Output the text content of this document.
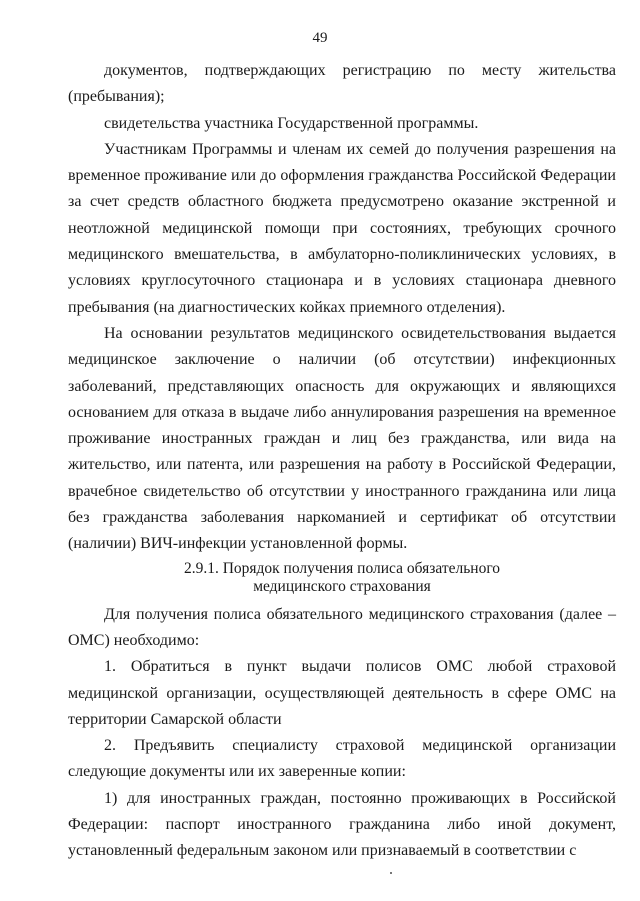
49

документов, подтверждающих регистрацию по месту жительства (пребывания);

свидетельства участника Государственной программы.

Участникам Программы и членам их семей до получения разрешения на временное проживание или до оформления гражданства Российской Федерации за счет средств областного бюджета предусмотрено оказание экстренной и неотложной медицинской помощи при состояниях, требующих срочного медицинского вмешательства, в амбулаторно-поликлинических условиях, в условиях круглосуточного стационара и в условиях стационара дневного пребывания (на диагностических койках приемного отделения).

На основании результатов медицинского освидетельствования выдается медицинское заключение о наличии (об отсутствии) инфекционных заболеваний, представляющих опасность для окружающих и являющихся основанием для отказа в выдаче либо аннулирования разрешения на временное проживание иностранных граждан и лиц без гражданства, или вида на жительство, или патента, или разрешения на работу в Российской Федерации, врачебное свидетельство об отсутствии у иностранного гражданина или лица без гражданства заболевания наркоманией и сертификат об отсутствии (наличии) ВИЧ-инфекции установленной формы.

2.9.1. Порядок получения полиса обязательного
медицинского страхования

Для получения полиса обязательного медицинского страхования (далее – ОМС) необходимо:

1. Обратиться в пункт выдачи полисов ОМС любой страховой медицинской организации, осуществляющей деятельность в сфере ОМС на территории Самарской области

2. Предъявить специалисту страховой медицинской организации следующие документы или их заверенные копии:

1) для иностранных граждан, постоянно проживающих в Российской Федерации: паспорт иностранного гражданина либо иной документ, установленный федеральным законом или признаваемый в соответствии с
